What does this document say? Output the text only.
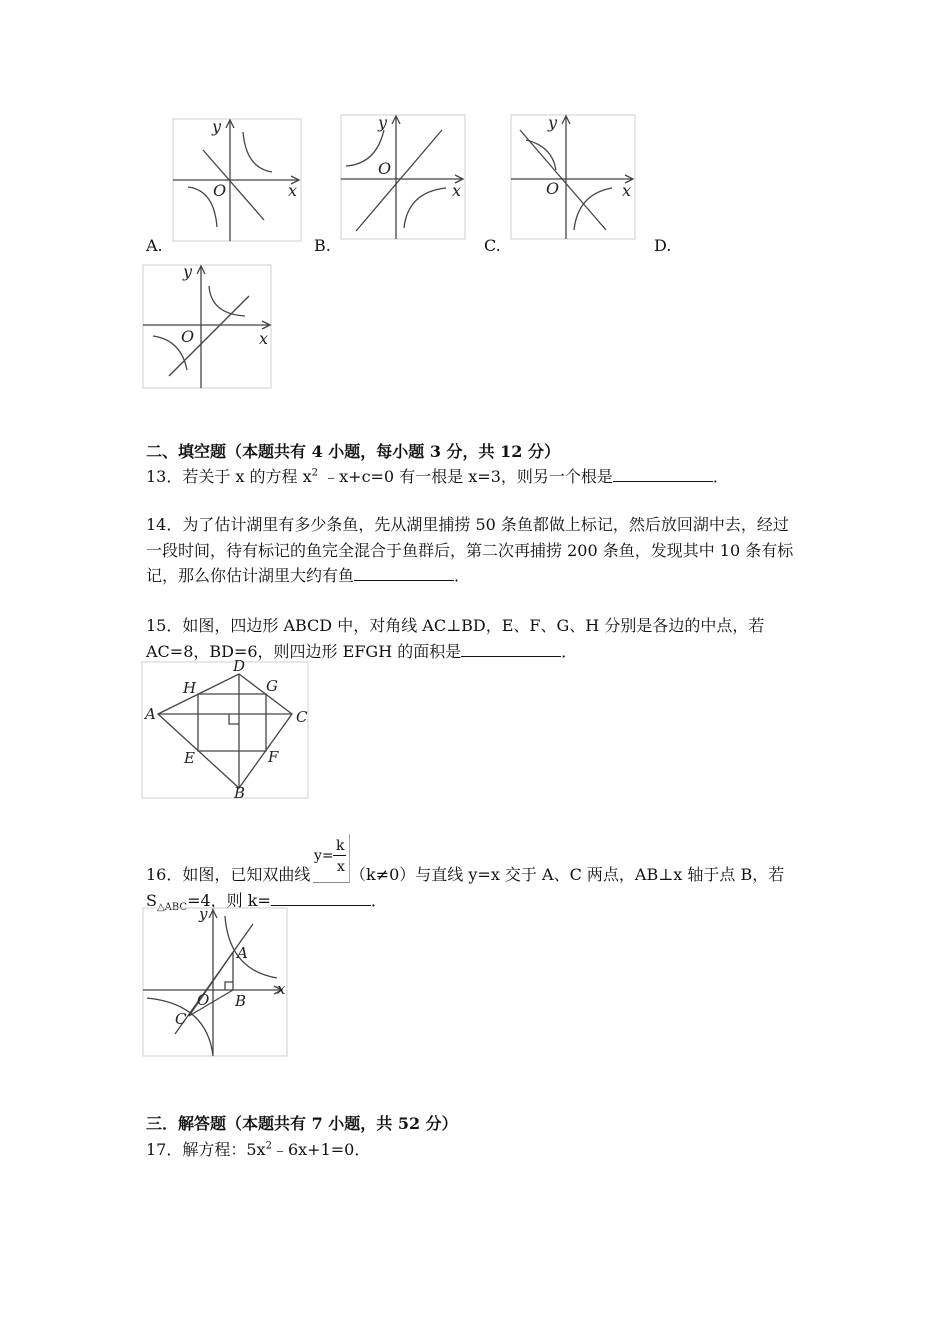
y
x
O
A.
y
x
O
B.
y
x
O
C.	D.
y
x
O
二、填空题（本题共有 4 小题，每小题 3 分，共 12 分）
13．若关于 x 的方程 $x^2$ ﹣x+c=0 有一根是 x=3，则另一个根是	．
14．为了估计湖里有多少条鱼，先从湖里捕捞 50 条鱼都做上标记，然后放回湖中去，经过
一段时间，待有标记的鱼完全混合于鱼群后，第二次再捕捞 200 条鱼，发现其中 10 条有标
记，那么你估计湖里大约有鱼	．
15．如图，四边形 ABCD 中，对角线 AC⊥BD，E、F、G、H 分别是各边的中点，若
AC=8，BD=6，则四边形 EFGH 的面积是	．
A
D
C
B
H	G
E	F
y=
k
x
16．如图，已知双曲线 （k≠0）与直线 y=x 交于 A、C 两点，AB⊥x 轴于点 B，若
$S_{\triangle ABC}=4$，则 k=	．
y
x
O
A
B
C
三．解答题（本题共有 7 小题，共 52 分）
17．解方程：$5x^2﹣6x+1=0$．
